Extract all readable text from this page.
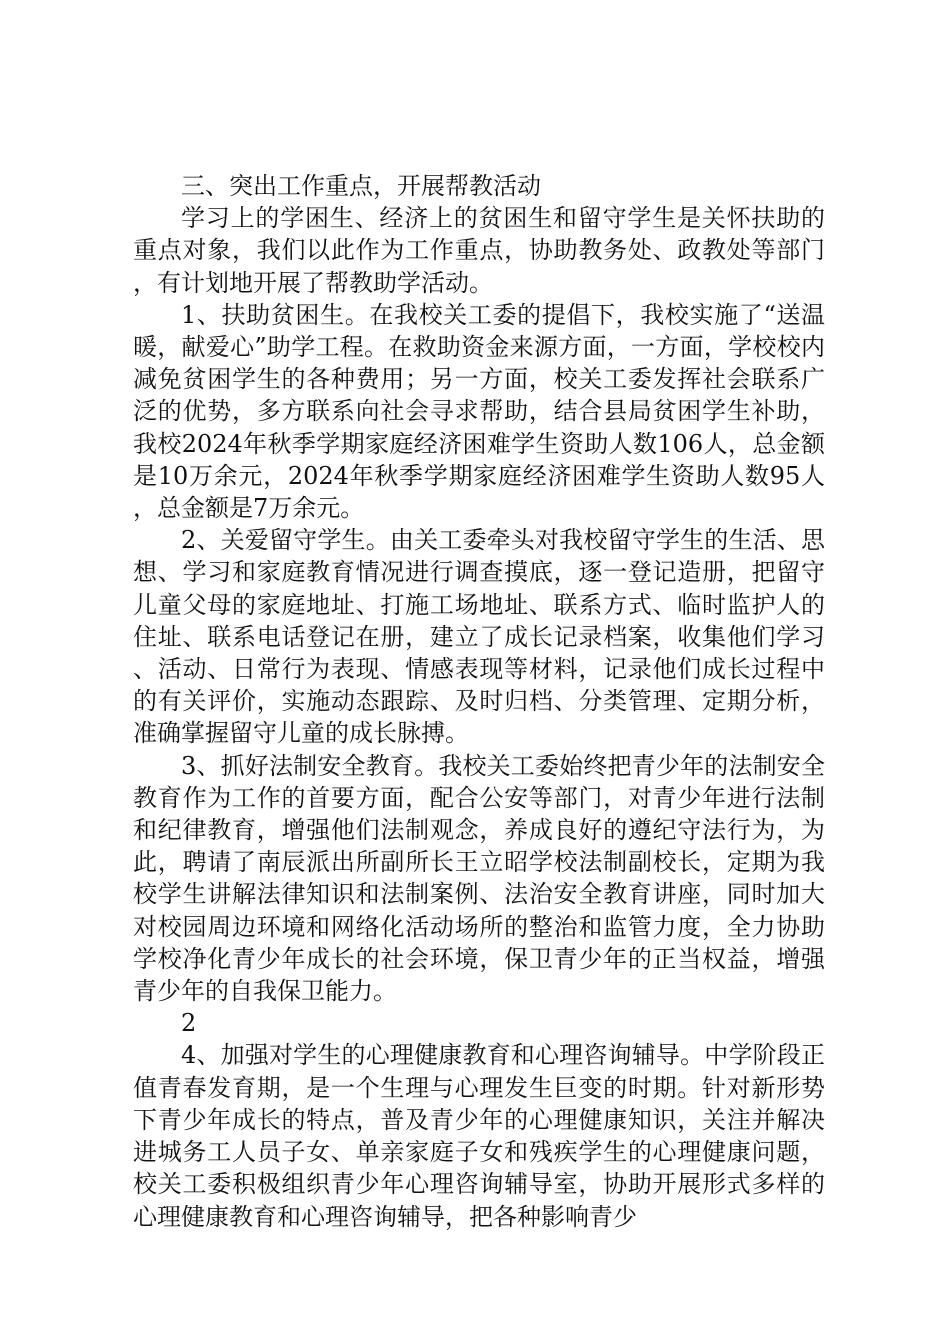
三、突出工作重点，开展帮教活动

学习上的学困生、经济上的贫困生和留守学生是关怀扶助的重点对象，我们以此作为工作重点，协助教务处、政教处等部门，有计划地开展了帮教助学活动。

1、扶助贫困生。在我校关工委的提倡下，我校实施了“送温暖，献爱心”助学工程。在救助资金来源方面，一方面，学校校内减免贫困学生的各种费用；另一方面，校关工委发挥社会联系广泛的优势，多方联系向社会寻求帮助，结合县局贫困学生补助，我校2024年秋季学期家庭经济困难学生资助人数106人，总金额是10万余元，2024年秋季学期家庭经济困难学生资助人数95人，总金额是7万余元。

2、关爱留守学生。由关工委牵头对我校留守学生的生活、思想、学习和家庭教育情况进行调查摸底，逐一登记造册，把留守儿童父母的家庭地址、打施工场地址、联系方式、临时监护人的住址、联系电话登记在册，建立了成长记录档案，收集他们学习、活动、日常行为表现、情感表现等材料，记录他们成长过程中的有关评价，实施动态跟踪、及时归档、分类管理、定期分析，准确掌握留守儿童的成长脉搏。

3、抓好法制安全教育。我校关工委始终把青少年的法制安全教育作为工作的首要方面，配合公安等部门，对青少年进行法制和纪律教育，增强他们法制观念，养成良好的遵纪守法行为，为此，聘请了南辰派出所副所长王立昭学校法制副校长，定期为我校学生讲解法律知识和法制案例、法治安全教育讲座，同时加大对校园周边环境和网络化活动场所的整治和监管力度，全力协助学校净化青少年成长的社会环境，保卫青少年的正当权益，增强青少年的自我保卫能力。

2

4、加强对学生的心理健康教育和心理咨询辅导。中学阶段正值青春发育期，是一个生理与心理发生巨变的时期。针对新形势下青少年成长的特点，普及青少年的心理健康知识，关注并解决进城务工人员子女、单亲家庭子女和残疾学生的心理健康问题，校关工委积极组织青少年心理咨询辅导室，协助开展形式多样的心理健康教育和心理咨询辅导，把各种影响青少
